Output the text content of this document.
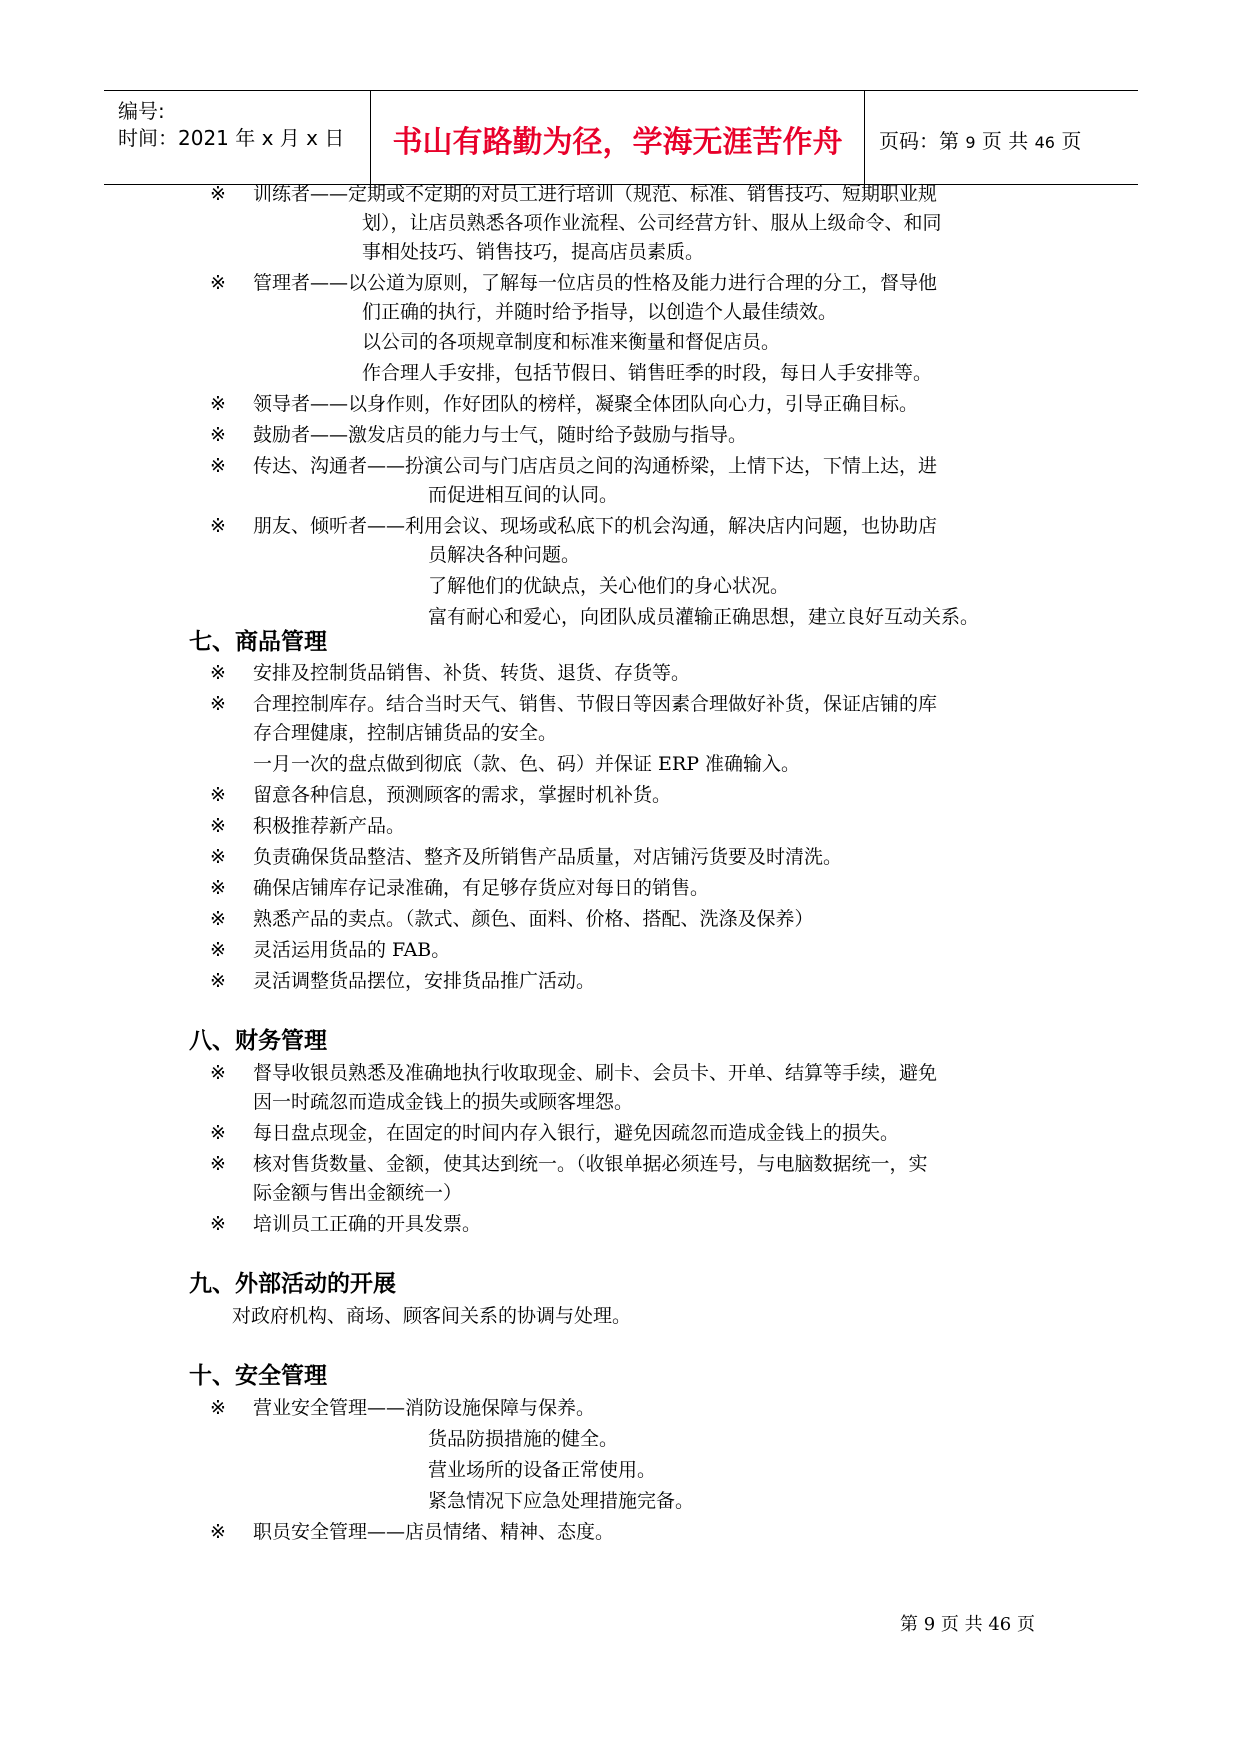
编号:
时间：2021 年 x 月 x 日	书山有路勤为径，学海无涯苦作舟	页码：第 9 页 共 46 页
※ 训练者——定期或不定期的对员工进行培训（规范、标准、销售技巧、短期职业规
划），让店员熟悉各项作业流程、公司经营方针、服从上级命令、和同
事相处技巧、销售技巧，提高店员素质。
※ 管理者——以公道为原则，了解每一位店员的性格及能力进行合理的分工，督导他
们正确的执行，并随时给予指导，以创造个人最佳绩效。
以公司的各项规章制度和标准来衡量和督促店员。
作合理人手安排，包括节假日、销售旺季的时段，每日人手安排等。
※ 领导者——以身作则，作好团队的榜样，凝聚全体团队向心力，引导正确目标。
※ 鼓励者——激发店员的能力与士气，随时给予鼓励与指导。
※ 传达、沟通者——扮演公司与门店店员之间的沟通桥梁，上情下达，下情上达，进
而促进相互间的认同。
※ 朋友、倾听者——利用会议、现场或私底下的机会沟通，解决店内问题，也协助店
员解决各种问题。
了解他们的优缺点，关心他们的身心状况。
富有耐心和爱心，向团队成员灌输正确思想，建立良好互动关系。
※ 安排及控制货品销售、补货、转货、退货、存货等。
※ 合理控制库存。结合当时天气、销售、节假日等因素合理做好补货，保证店铺的库
存合理健康，控制店铺货品的安全。
一月一次的盘点做到彻底（款、色、码）并保证 ERP 准确输入。
※ 留意各种信息，预测顾客的需求，掌握时机补货。
※ 积极推荐新产品。
※ 负责确保货品整洁、整齐及所销售产品质量，对店铺污货要及时清洗。
※ 确保店铺库存记录准确，有足够存货应对每日的销售。
※ 熟悉产品的卖点。（款式、颜色、面料、价格、搭配、洗涤及保养）
※ 灵活运用货品的 FAB。
※ 灵活调整货品摆位，安排货品推广活动。
※ 督导收银员熟悉及准确地执行收取现金、刷卡、会员卡、开单、结算等手续，避免
因一时疏忽而造成金钱上的损失或顾客埋怨。
※ 每日盘点现金，在固定的时间内存入银行，避免因疏忽而造成金钱上的损失。
※ 核对售货数量、金额，使其达到统一。（收银单据必须连号，与电脑数据统一，实
际金额与售出金额统一）
※ 培训员工正确的开具发票。
对政府机构、商场、顾客间关系的协调与处理。
※ 营业安全管理——消防设施保障与保养。
货品防损措施的健全。
营业场所的设备正常使用。
紧急情况下应急处理措施完备。
※ 职员安全管理——店员情绪、精神、态度。
七、商品管理
八、财务管理
九、外部活动的开展
十、安全管理
第 9 页 共 46 页
